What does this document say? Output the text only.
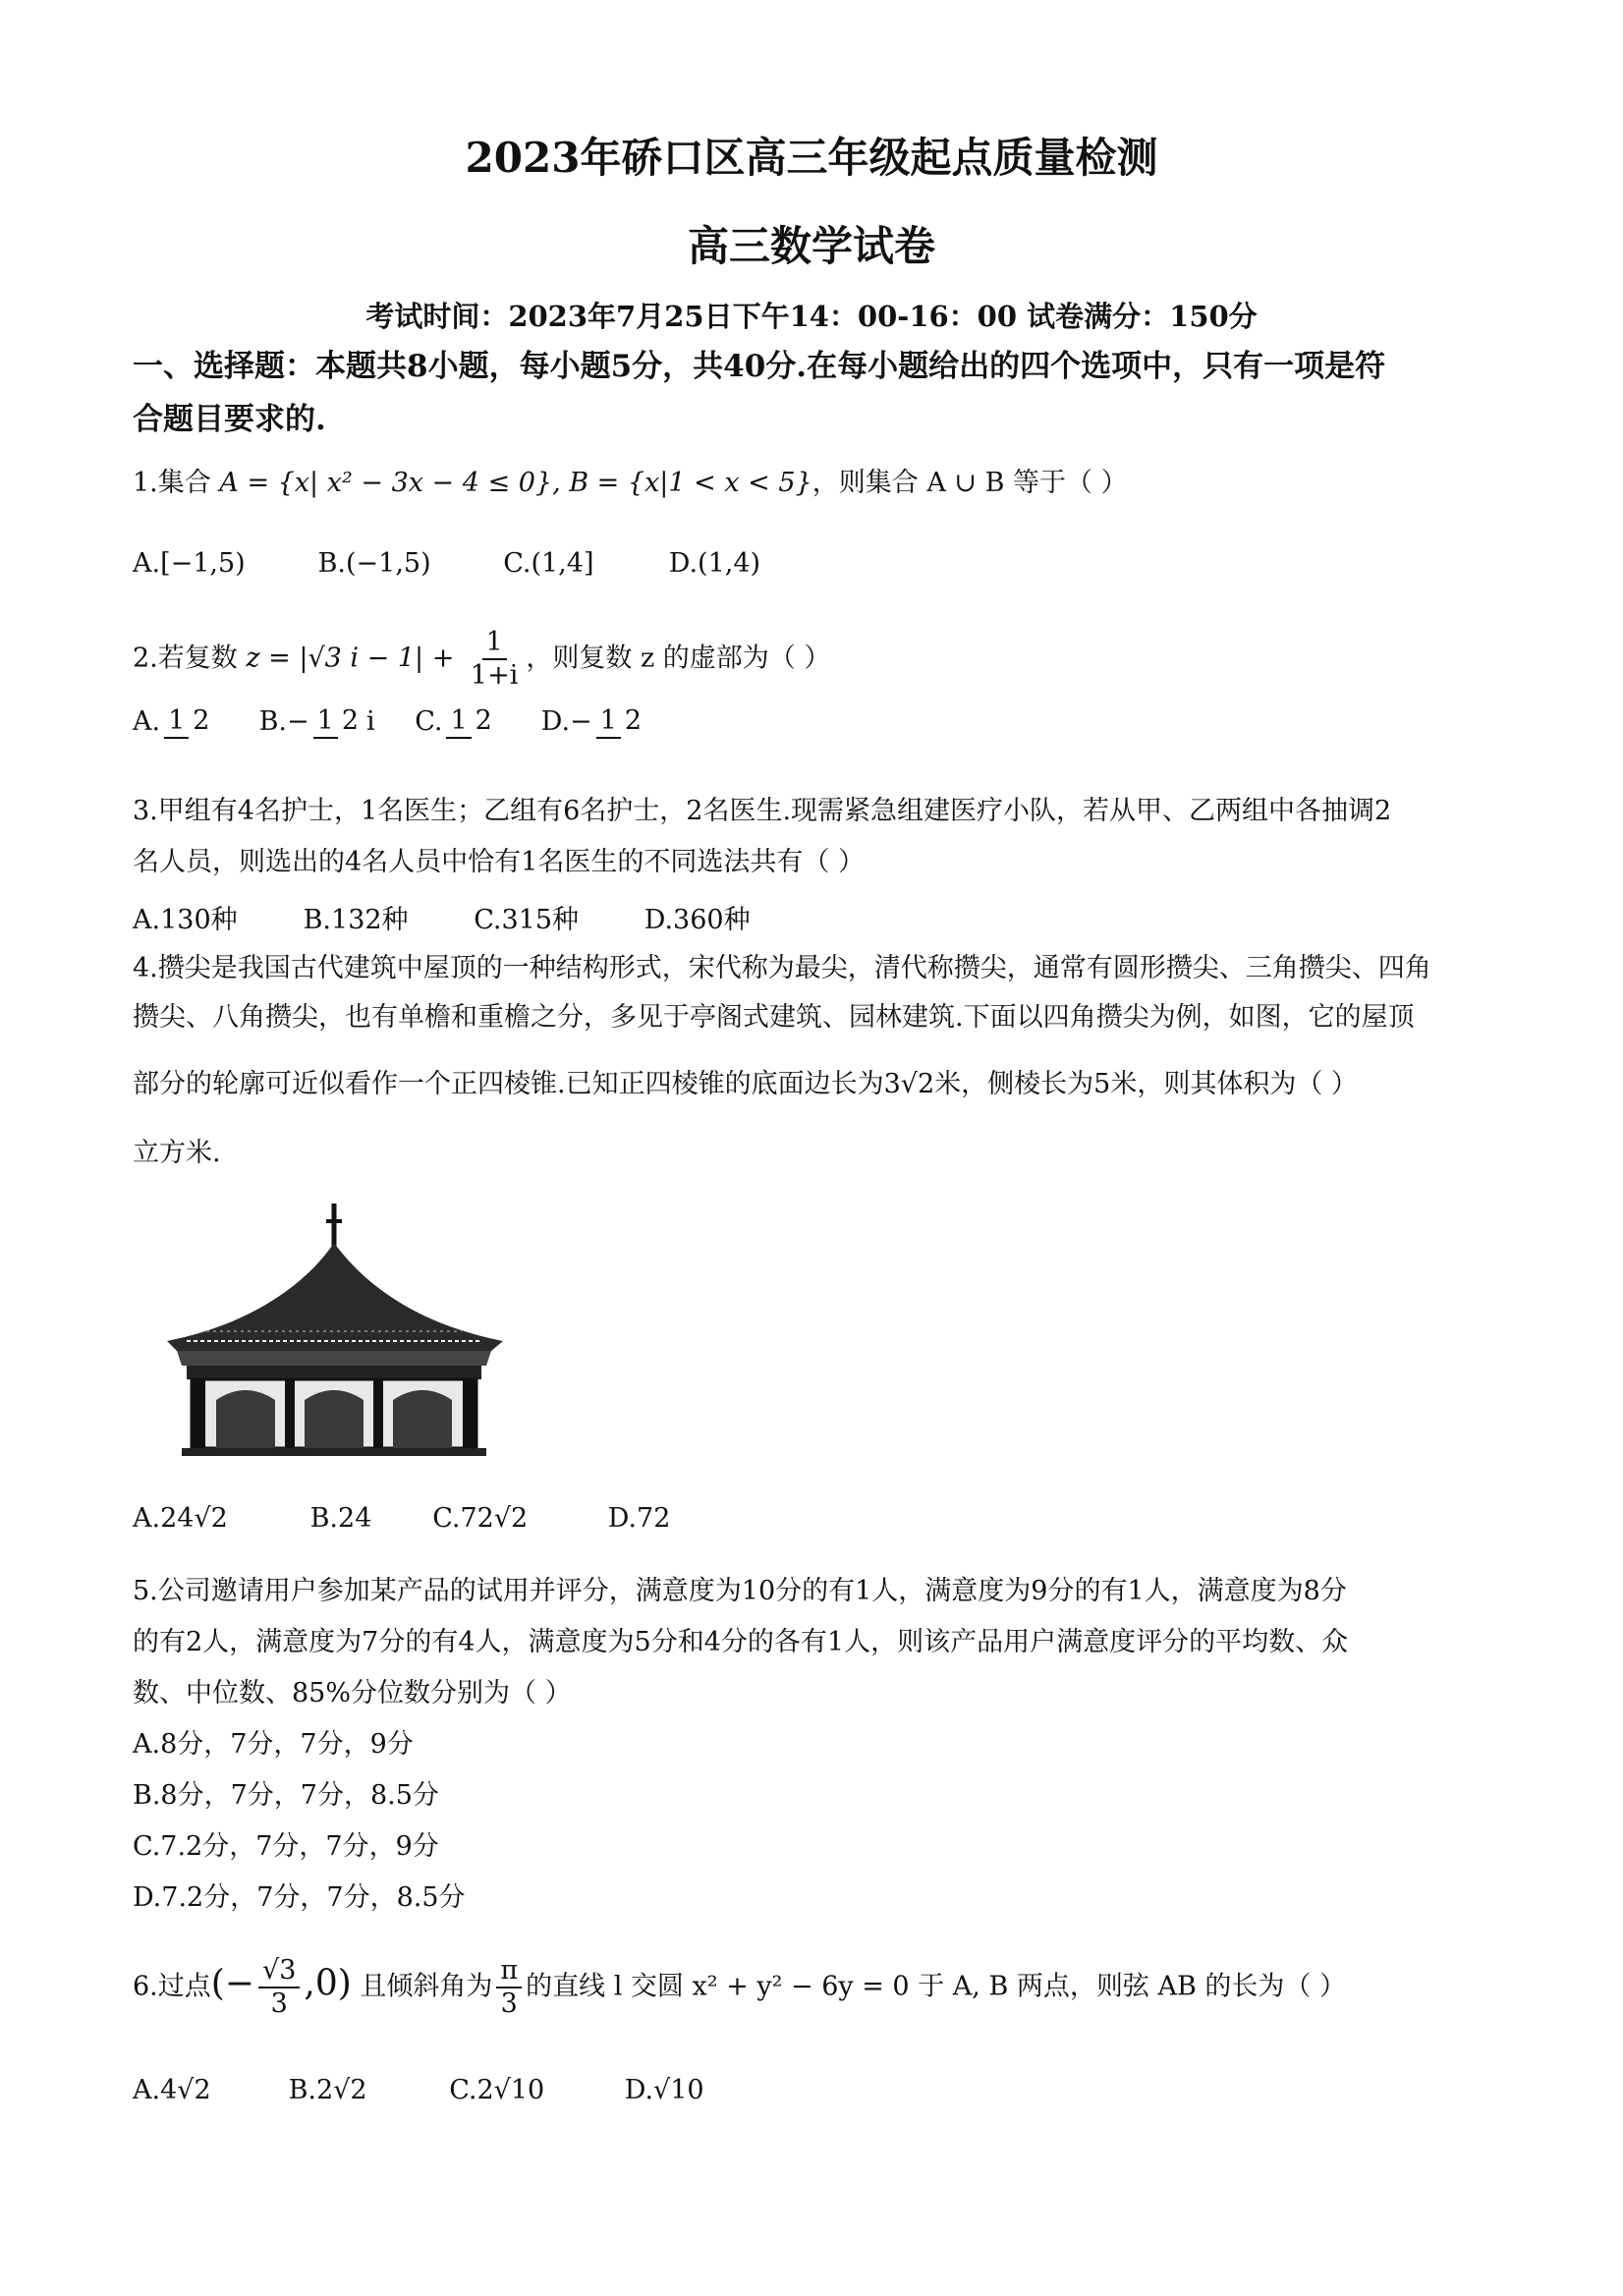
2023年硚口区高三年级起点质量检测
高三数学试卷
考试时间：2023年7月25日下午14：00-16：00 试卷满分：150分
一、选择题：本题共8小题，每小题5分，共40分.在每小题给出的四个选项中，只有一项是符
合题目要求的.
1.集合 A = {x| x² − 3x − 4 ≤ 0}, B = {x|1 < x < 5}，则集合 A ∪ B 等于（ ）
A.[−1,5)	B.(−1,5)	C.(1,4]	D.(1,4)
2.若复数 z = |√3 $i - 1| + \frac{1}{1+i}$ ，则复数 z 的虚部为（ ）
A. 1 2 B.− 1 2 i C. 1 2 D.− 1 2
3.甲组有4名护士，1名医生；乙组有6名护士，2名医生.现需紧急组建医疗小队，若从甲、乙两组中各抽调2
名人员，则选出的4名人员中恰有1名医生的不同选法共有（ ）
A.130种 B.132种 C.315种 D.360种
4.攒尖是我国古代建筑中屋顶的一种结构形式，宋代称为最尖，清代称攒尖，通常有圆形攒尖、三角攒尖、四角
攒尖、八角攒尖，也有单檐和重檐之分，多见于亭阁式建筑、园林建筑.下面以四角攒尖为例，如图，它的屋顶
部分的轮廓可近似看作一个正四棱锥.已知正四棱锥的底面边长为3√2米，侧棱长为5米，则其体积为（ ）
立方米.
A.24√2	B.24 C.72√2	D.72
5.公司邀请用户参加某产品的试用并评分，满意度为10分的有1人，满意度为9分的有1人，满意度为8分
的有2人，满意度为7分的有4人，满意度为5分和4分的各有1人，则该产品用户满意度评分的平均数、众
数、中位数、85%分位数分别为（ ）
A.8分，7分，7分，9分
B.8分，7分，7分，8.5分
C.7.2分，7分，7分，9分
D.7.2分，7分，7分，8.5分
6.过点(− $\frac{√3}{3} ,0$) 且倾斜角为 $\frac{\pi}{3}$ 的直线 l 交圆 x² + y² − 6y = 0 于 A, B 两点，则弦 AB 的长为（ ）
A.4√2	B.2√2	C.2√10	D.√10
